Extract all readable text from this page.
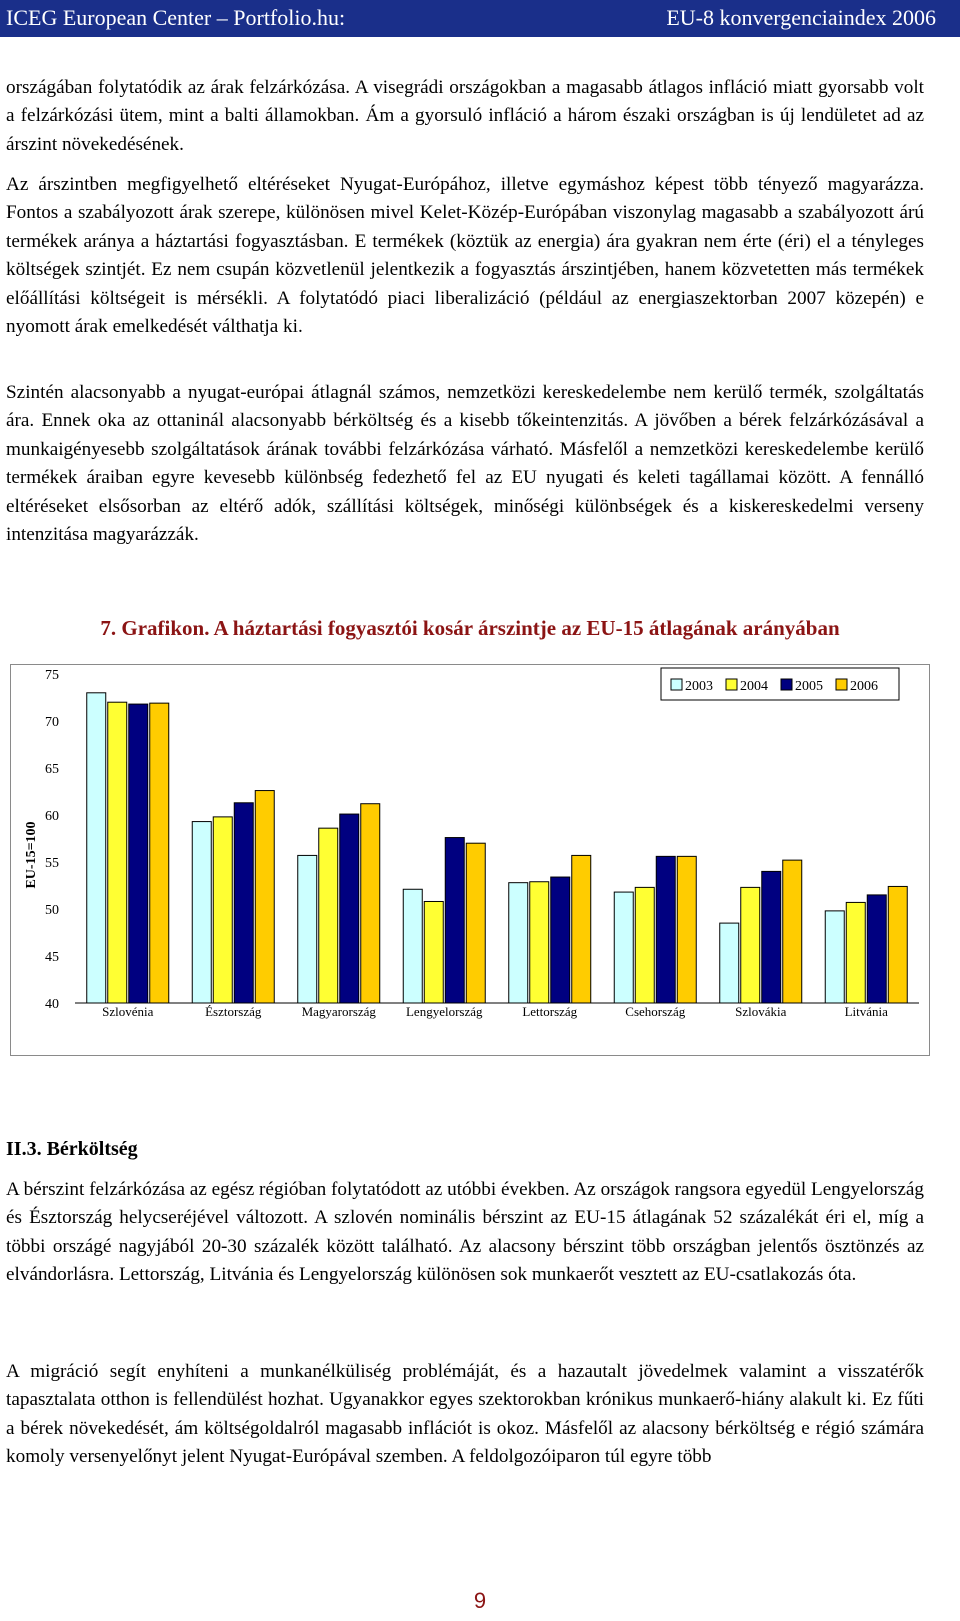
ICEG European Center – Portfolio.hu:	EU-8 konvergenciaindex 2006

országában folytatódik az árak felzárkózása. A visegrádi országokban a magasabb átlagos infláció miatt gyorsabb volt a felzárkózási ütem, mint a balti államokban. Ám a gyorsuló infláció a három északi országban is új lendületet ad az árszint növekedésének.

Az árszintben megfigyelhető eltéréseket Nyugat-Európához, illetve egymáshoz képest több tényező magyarázza. Fontos a szabályozott árak szerepe, különösen mivel Kelet-Közép-Európában viszonylag magasabb a szabályozott árú termékek aránya a háztartási fogyasztásban. E termékek (köztük az energia) ára gyakran nem érte (éri) el a tényleges költségek szintjét. Ez nem csupán közvetlenül jelentkezik a fogyasztás árszintjében, hanem közvetetten más termékek előállítási költségeit is mérsékli. A folytatódó piaci liberalizáció (például az energiaszektorban 2007 közepén) e nyomott árak emelkedését válthatja ki.

Szintén alacsonyabb a nyugat-európai átlagnál számos, nemzetközi kereskedelembe nem kerülő termék, szolgáltatás ára. Ennek oka az ottaninál alacsonyabb bérköltség és a kisebb tőkeintenzitás. A jövőben a bérek felzárkózásával a munkaigényesebb szolgáltatások árának további felzárkózása várható. Másfelől a nemzetközi kereskedelembe kerülő termékek áraiban egyre kevesebb különbség fedezhető fel az EU nyugati és keleti tagállamai között. A fennálló eltéréseket elsősorban az eltérő adók, szállítási költségek, minőségi különbségek és a kiskereskedelmi verseny intenzitása magyarázzák.

7. Grafikon. A háztartási fogyasztói kosár árszintje az EU-15 átlagának arányában
40
45
50
55
60
65
70
75
EU-15=100
Szlovénia	Észtország	Magyarország Lengyelország	Lettország	Csehország	Szlovákia	Litvánia
2003 2004 2005 2006
II.3. Bérköltség

A bérszint felzárkózása az egész régióban folytatódott az utóbbi években. Az országok rangsora egyedül Lengyelország és Észtország helycseréjével változott. A szlovén nominális bérszint az EU-15 átlagának 52 százalékát éri el, míg a többi országé nagyjából 20-30 százalék között található. Az alacsony bérszint több országban jelentős ösztönzés az elvándorlásra. Lettország, Litvánia és Lengyelország különösen sok munkaerőt vesztett az EU-csatlakozás óta.

A migráció segít enyhíteni a munkanélküliség problémáját, és a hazautalt jövedelmek valamint a visszatérők tapasztalata otthon is fellendülést hozhat. Ugyanakkor egyes szektorokban krónikus munkaerő-hiány alakult ki. Ez fűti a bérek növekedését, ám költségoldalról magasabb inflációt is okoz. Másfelől az alacsony bérköltség e régió számára komoly versenyelőnyt jelent Nyugat-Európával szemben. A feldolgozóiparon túl egyre több

9
